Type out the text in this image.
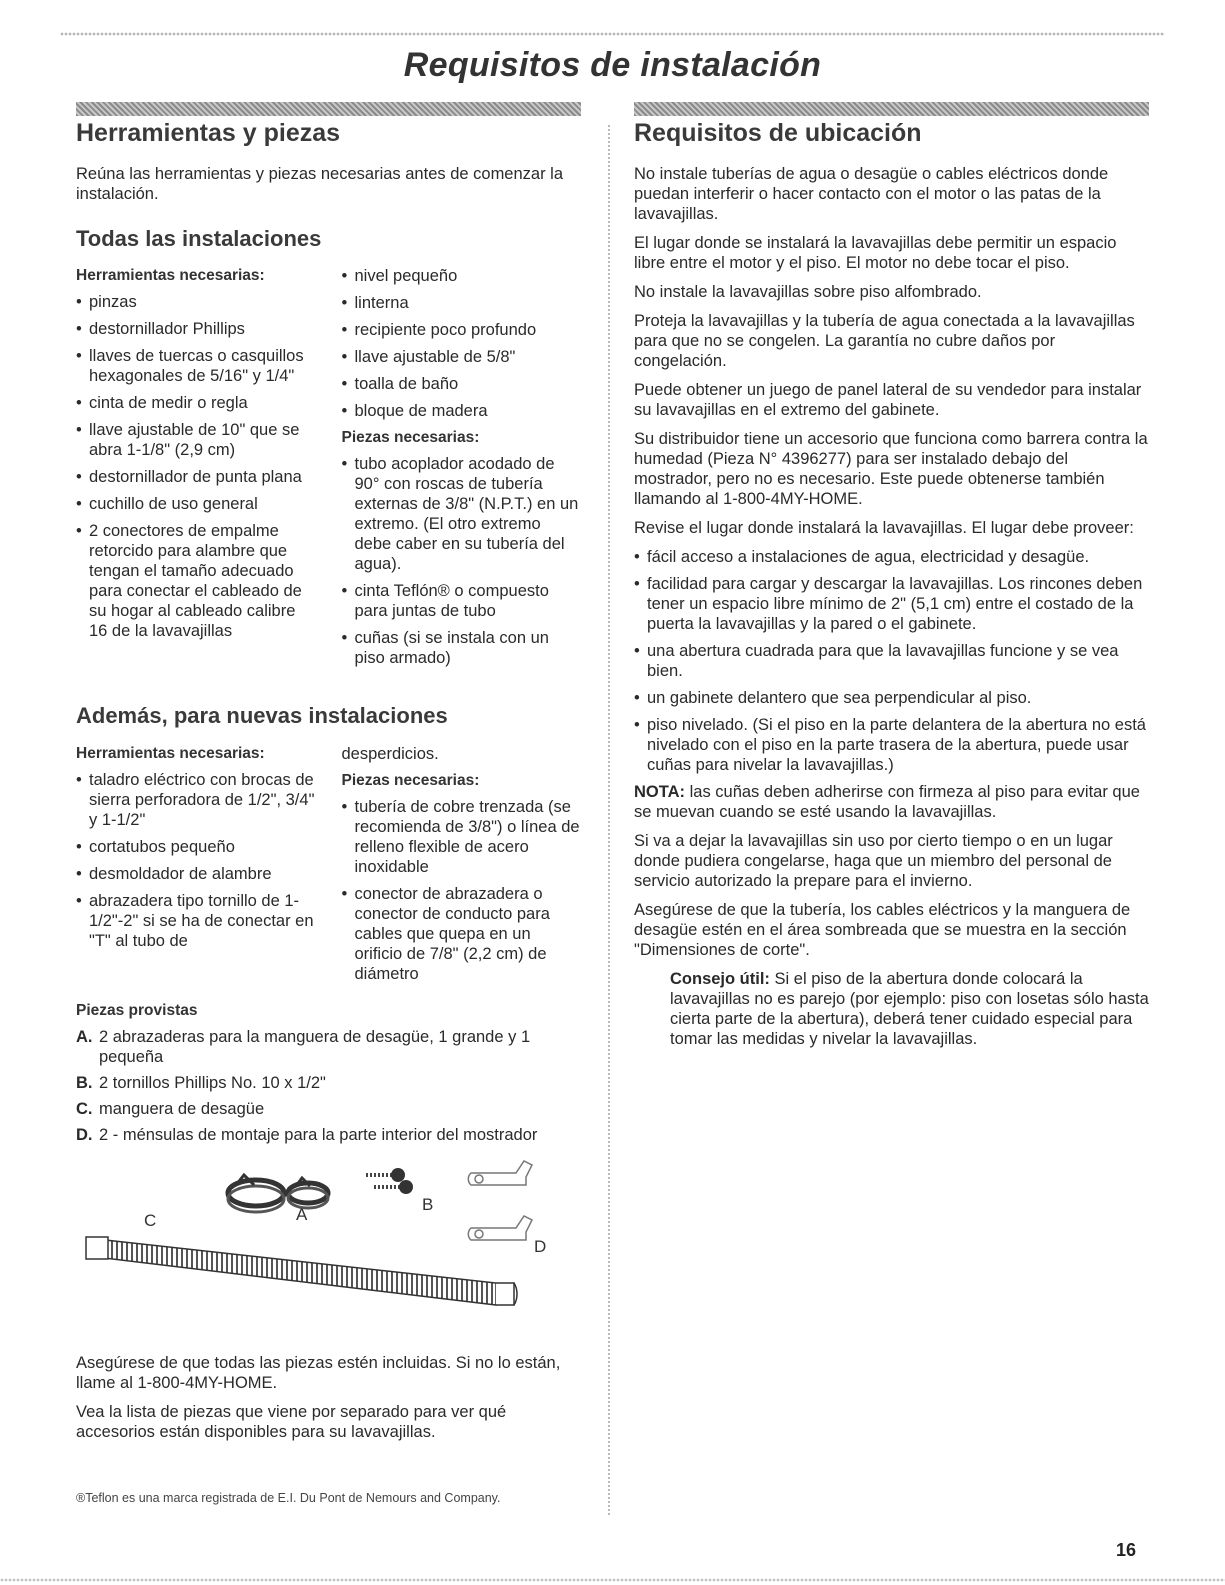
Requisitos de instalación
Herramientas y piezas

Reúna las herramientas y piezas necesarias antes de comenzar la instalación.

Todas las instalaciones
Herramientas necesarias:
• pinzas
• destornillador Phillips
• llaves de tuercas o casquillos hexagonales de 5/16" y 1/4"
• cinta de medir o regla
• llave ajustable de 10" que se abra 1-1/8" (2,9 cm)
• destornillador de punta plana
• cuchillo de uso general
• 2 conectores de empalme retorcido para alambre que tengan el tamaño adecuado para conectar el cableado de su hogar al cableado calibre 16 de la lavavajillas
• nivel pequeño
• linterna
• recipiente poco profundo
• llave ajustable de 5/8"
• toalla de baño
• bloque de madera
Piezas necesarias:
• tubo acoplador acodado de 90° con roscas de tubería externas de 3/8" (N.P.T.) en un extremo. (El otro extremo debe caber en su tubería del agua).
• cinta Teflón® o compuesto para juntas de tubo
• cuñas (si se instala con un piso armado)
Además, para nuevas instalaciones
Herramientas necesarias:
• taladro eléctrico con brocas de sierra perforadora de 1/2", 3/4" y 1-1/2"
• cortatubos pequeño
• desmoldador de alambre
• abrazadera tipo tornillo de 1-1/2"-2" si se ha de conectar en "T" al tubo de

desperdicios.

Piezas necesarias:
• tubería de cobre trenzada (se recomienda de 3/8") o línea de relleno flexible de acero inoxidable
• conector de abrazadera o conector de conducto para cables que quepa en un orificio de 7/8" (2,2 cm) de diámetro
Piezas provistas
A. 2 abrazaderas para la manguera de desagüe, 1 grande y 1 pequeña
B. 2 tornillos Phillips No. 10 x 1/2"
C. manguera de desagüe
D. 2 - ménsulas de montaje para la parte interior del mostrador
A
B
C
D

Asegúrese de que todas las piezas estén incluidas. Si no lo están, llame al 1-800-4MY-HOME.

Vea la lista de piezas que viene por separado para ver qué accesorios están disponibles para su lavavajillas.

®Teflon es una marca registrada de E.I. Du Pont de Nemours and Company.

Requisitos de ubicación

No instale tuberías de agua o desagüe o cables eléctricos donde puedan interferir o hacer contacto con el motor o las patas de la lavavajillas.

El lugar donde se instalará la lavavajillas debe permitir un espacio libre entre el motor y el piso. El motor no debe tocar el piso.

No instale la lavavajillas sobre piso alfombrado.

Proteja la lavavajillas y la tubería de agua conectada a la lavavajillas para que no se congelen. La garantía no cubre daños por congelación.

Puede obtener un juego de panel lateral de su vendedor para instalar su lavavajillas en el extremo del gabinete.

Su distribuidor tiene un accesorio que funciona como barrera contra la humedad (Pieza N° 4396277) para ser instalado debajo del mostrador, pero no es necesario. Este puede obtenerse también llamando al 1-800-4MY-HOME.

Revise el lugar donde instalará la lavavajillas. El lugar debe proveer:

• fácil acceso a instalaciones de agua, electricidad y desagüe.
• facilidad para cargar y descargar la lavavajillas. Los rincones deben tener un espacio libre mínimo de 2" (5,1 cm) entre el costado de la puerta la lavavajillas y la pared o el gabinete.
• una abertura cuadrada para que la lavavajillas funcione y se vea bien.
• un gabinete delantero que sea perpendicular al piso.
• piso nivelado. (Si el piso en la parte delantera de la abertura no está nivelado con el piso en la parte trasera de la abertura, puede usar cuñas para nivelar la lavavajillas.)

NOTA: las cuñas deben adherirse con firmeza al piso para evitar que se muevan cuando se esté usando la lavavajillas.

Si va a dejar la lavavajillas sin uso por cierto tiempo o en un lugar donde pudiera congelarse, haga que un miembro del personal de servicio autorizado la prepare para el invierno.

Asegúrese de que la tubería, los cables eléctricos y la manguera de desagüe estén en el área sombreada que se muestra en la sección "Dimensiones de corte".

Consejo útil: Si el piso de la abertura donde colocará la lavavajillas no es parejo (por ejemplo: piso con losetas sólo hasta cierta parte de la abertura), deberá tener cuidado especial para tomar las medidas y nivelar la lavavajillas.

16
